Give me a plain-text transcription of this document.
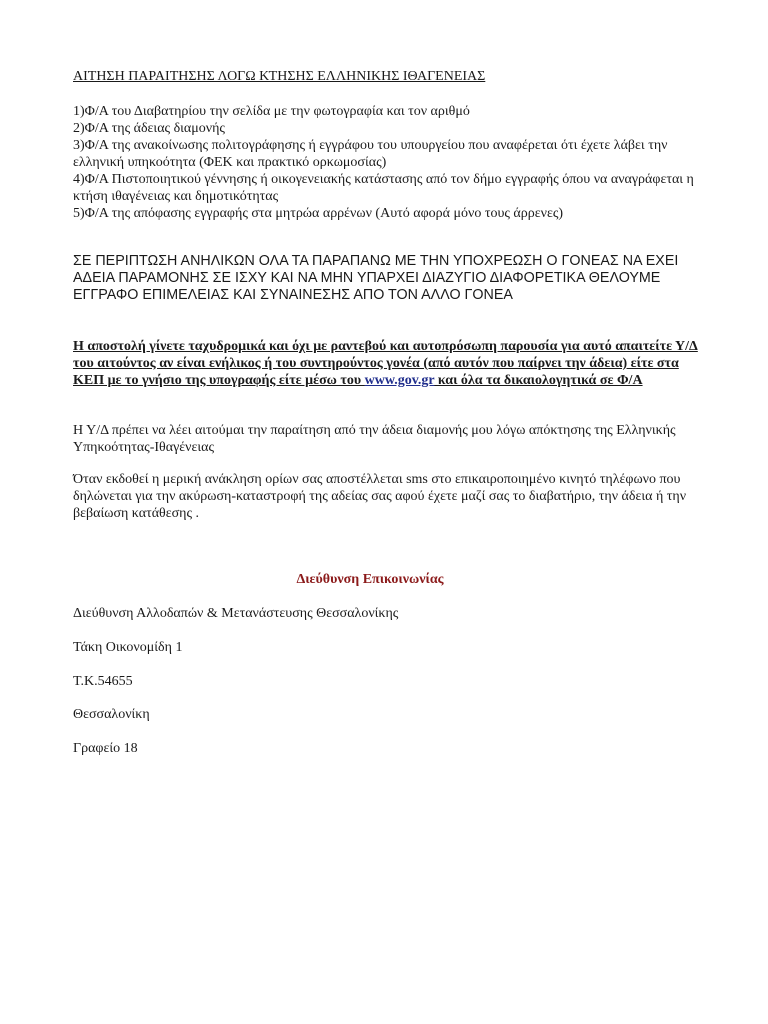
ΑΙΤΗΣΗ ΠΑΡΑΙΤΗΣΗΣ ΛΟΓΩ ΚΤΗΣΗΣ ΕΛΛΗΝΙΚΗΣ ΙΘΑΓΕΝΕΙΑΣ
1)Φ/Α του Διαβατηρίου την σελίδα με την φωτογραφία και τον αριθμό
2)Φ/Α της άδειας διαμονής
3)Φ/Α της ανακοίνωσης πολιτογράφησης ή εγγράφου του υπουργείου που αναφέρεται ότι έχετε λάβει την ελληνική υπηκοότητα (ΦΕΚ και πρακτικό ορκωμοσίας)
4)Φ/Α Πιστοποιητικού γέννησης ή οικογενειακής κατάστασης από τον δήμο εγγραφής όπου να αναγράφεται η κτήση ιθαγένειας και δημοτικότητας
5)Φ/Α της απόφασης εγγραφής στα μητρώα αρρένων (Αυτό αφορά μόνο τους άρρενες)
ΣΕ ΠΕΡΙΠΤΩΣΗ ΑΝΗΛΙΚΩΝ ΟΛΑ ΤΑ ΠΑΡΑΠΑΝΩ ΜΕ ΤΗΝ ΥΠΟΧΡΕΩΣΗ Ο ΓΟΝΕΑΣ ΝΑ ΕΧΕΙ ΑΔΕΙΑ ΠΑΡΑΜΟΝΗΣ ΣΕ ΙΣΧΥ ΚΑΙ ΝΑ ΜΗΝ ΥΠΑΡΧΕΙ ΔΙΑΖΥΓΙΟ ΔΙΑΦΟΡΕΤΙΚΑ ΘΕΛΟΥΜΕ ΕΓΓΡΑΦΟ ΕΠΙΜΕΛΕΙΑΣ ΚΑΙ ΣΥΝΑΙΝΕΣΗΣ ΑΠΟ ΤΟΝ ΑΛΛΟ ΓΟΝΕΑ
Η αποστολή γίνετε ταχυδρομικά και όχι με ραντεβού και αυτοπρόσωπη παρουσία για αυτό απαιτείτε Υ/Δ του αιτούντος αν είναι ενήλικος ή του συντηρούντος γονέα (από αυτόν που παίρνει την άδεια) είτε στα ΚΕΠ με το γνήσιο της υπογραφής είτε μέσω του www.gov.gr και όλα τα δικαιολογητικά σε Φ/Α
Η Υ/Δ πρέπει να λέει αιτούμαι την παραίτηση από την άδεια διαμονής μου λόγω απόκτησης της Ελληνικής Υπηκοότητας-Ιθαγένειας
Όταν εκδοθεί η μερική ανάκληση ορίων σας αποστέλλεται sms στο επικαιροποιημένο κινητό τηλέφωνο που δηλώνεται για την ακύρωση-καταστροφή της αδείας σας αφού έχετε μαζί σας το διαβατήριο, την άδεια ή την βεβαίωση κατάθεσης .
Διεύθυνση Επικοινωνίας
Διεύθυνση Αλλοδαπών & Μετανάστευσης Θεσσαλονίκης
Τάκη Οικονομίδη 1
Τ.Κ.54655
Θεσσαλονίκη
Γραφείο 18
